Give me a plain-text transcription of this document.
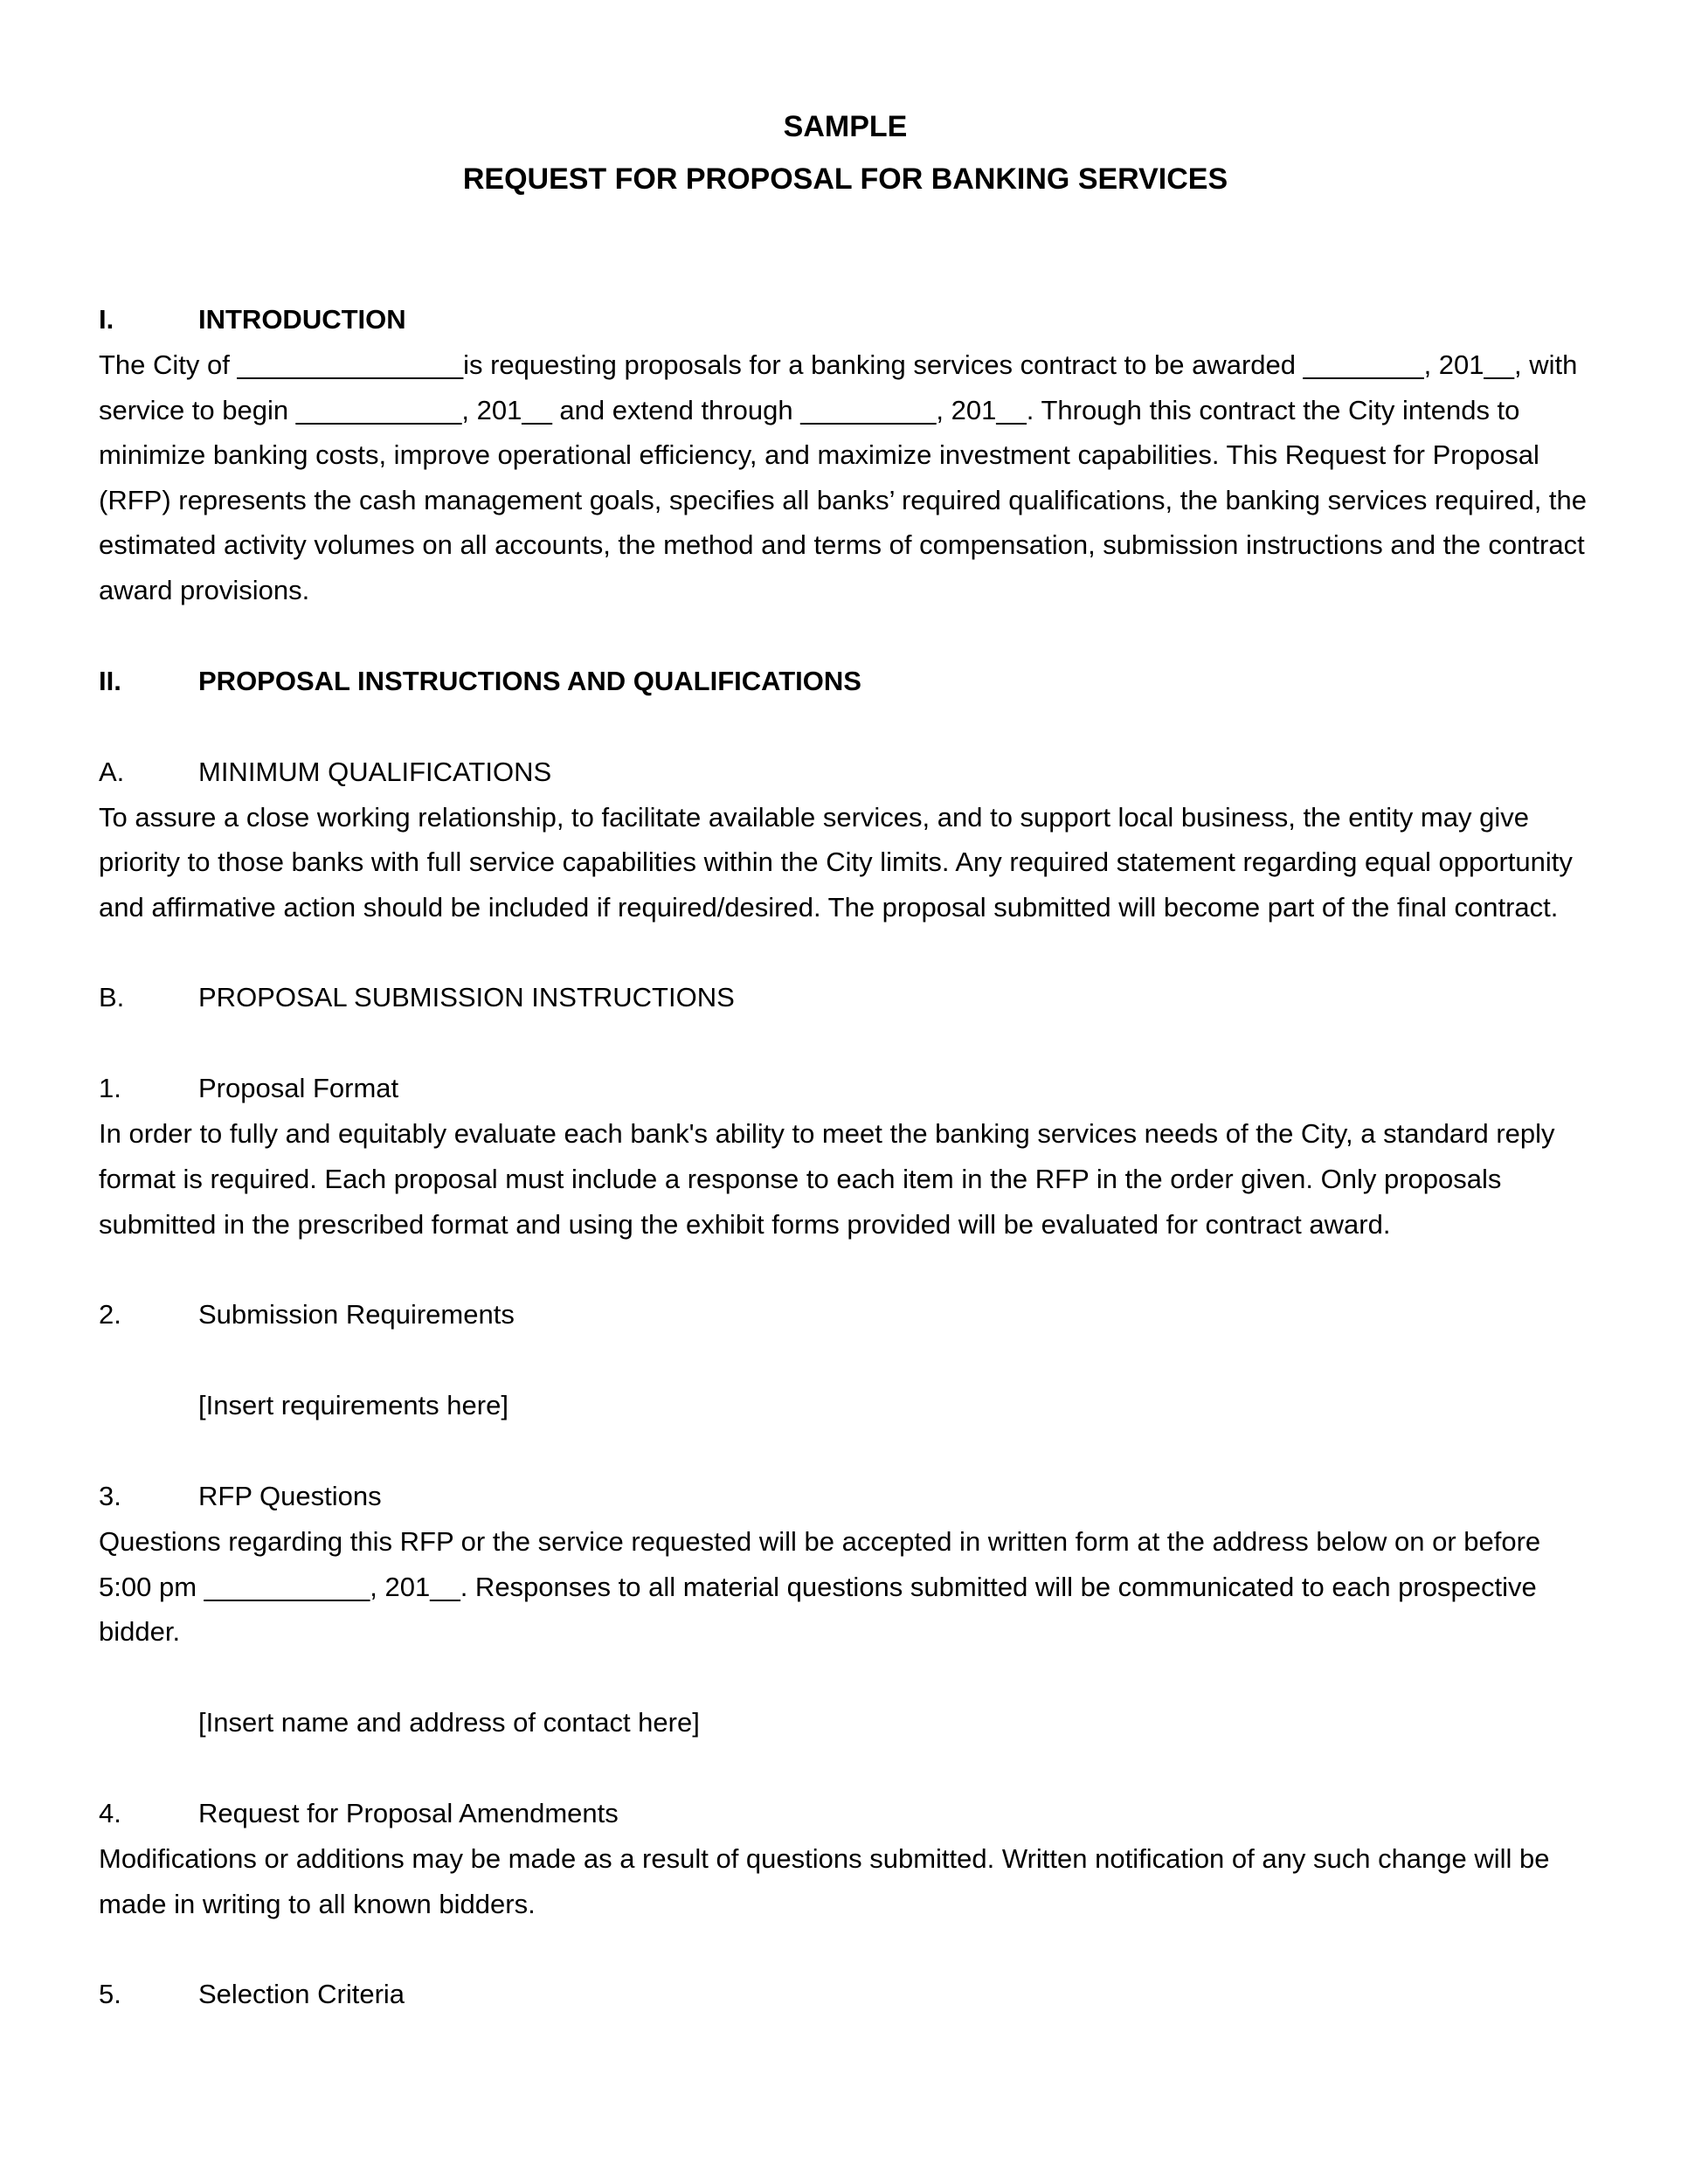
SAMPLE

REQUEST FOR PROPOSAL FOR BANKING SERVICES

I.	INTRODUCTION

The City of _______________is requesting proposals for a banking services contract to be awarded ________, 201__, with service to begin ___________, 201__ and extend through _________, 201__. Through this contract the City intends to minimize banking costs, improve operational efficiency, and maximize investment capabilities. This Request for Proposal (RFP) represents the cash management goals, specifies all banks’ required qualifications, the banking services required, the estimated activity volumes on all accounts, the method and terms of compensation, submission instructions and the contract award provisions.

II.	PROPOSAL INSTRUCTIONS AND QUALIFICATIONS
A.	MINIMUM QUALIFICATIONS

To assure a close working relationship, to facilitate available services, and to support local business, the entity may give priority to those banks with full service capabilities within the City limits. Any required statement regarding equal opportunity and affirmative action should be included if required/desired. The proposal submitted will become part of the final contract.

B.	PROPOSAL SUBMISSION INSTRUCTIONS
1.	Proposal Format

In order to fully and equitably evaluate each bank's ability to meet the banking services needs of the City, a standard reply format is required. Each proposal must include a response to each item in the RFP in the order given. Only proposals submitted in the prescribed format and using the exhibit forms provided will be evaluated for contract award.

2.	Submission Requirements

[Insert requirements here]

3.	RFP Questions

Questions regarding this RFP or the service requested will be accepted in written form at the address below on or before 5:00 pm ___________, 201__. Responses to all material questions submitted will be communicated to each prospective bidder.

[Insert name and address of contact here]

4.	Request for Proposal Amendments

Modifications or additions may be made as a result of questions submitted. Written notification of any such change will be made in writing to all known bidders.

5.	Selection Criteria
